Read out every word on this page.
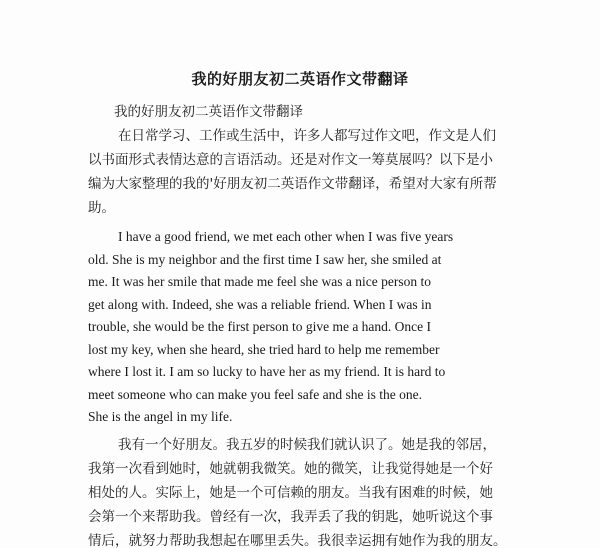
我的好朋友初二英语作文带翻译

我的好朋友初二英语作文带翻译

在日常学习、工作或生活中，许多人都写过作文吧，作文是人们

以书面形式表情达意的言语活动。还是对作文一筹莫展吗？以下是小

编为大家整理的我的'好朋友初二英语作文带翻译，希望对大家有所帮

助。

I have a good friend, we met each other when I was five years

old. She is my neighbor and the first time I saw her, she smiled at

me. It was her smile that made me feel she was a nice person to

get along with. Indeed, she was a reliable friend. When I was in

trouble, she would be the first person to give me a hand. Once I

lost my key, when she heard, she tried hard to help me remember

where I lost it. I am so lucky to have her as my friend. It is hard to

meet someone who can make you feel safe and she is the one.

She is the angel in my life.

我有一个好朋友。我五岁的时候我们就认识了。她是我的邻居，

我第一次看到她时，她就朝我微笑。她的微笑，让我觉得她是一个好

相处的人。实际上，她是一个可信赖的朋友。当我有困难的时候，她

会第一个来帮助我。曾经有一次，我弄丢了我的钥匙，她听说这个事

情后，就努力帮助我想起在哪里丢失。我很幸运拥有她作为我的朋友。
